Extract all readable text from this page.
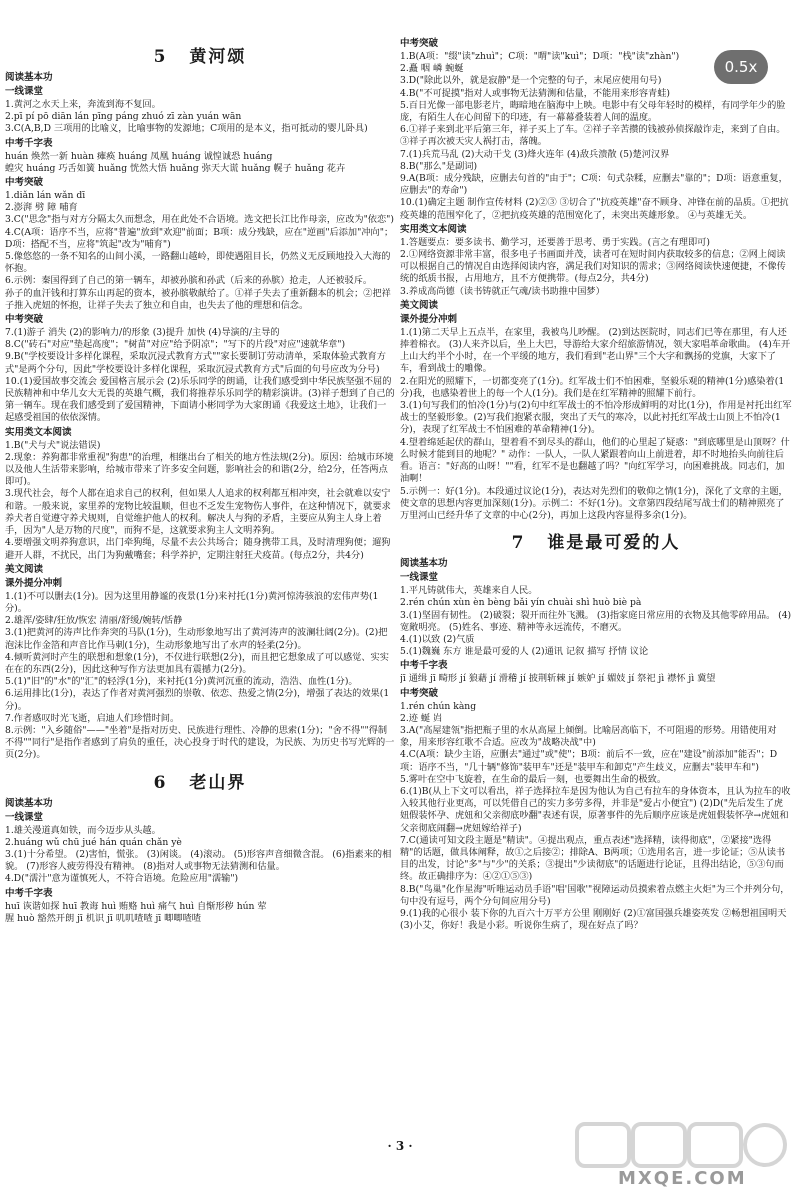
5 黄河颂
阅读基本功
一线课堂
1.黄河之水天上来，奔流到海不复回。
2.pī pí pō diān lán pīng páng zhuó zī zàn yuán wān
3.C(A,B,D 三项用的比喻义，比喻事物的发源地；C项用的是本义，指可抵动的婴儿卧具)
中考千字表
huán 焕然一新 huàn 瘫痪 huáng 凤凰 huáng 诚惶诚恐 huáng
蝗灾 huáng 巧舌如簧 huǎng 恍然大悟 huǎng 弥天大谎 huǎng 幌子 huǎng 花卉
中考突破
1.diǎn lán wǎn dī
2.澎湃 劈 障 哺育
3.C("思念"指与对方分隔太久而想念，用在此处不合语境。选文把长江比作母亲，应改为"依恋")
4.C(A项：语序不当，应将"普遍"放到"欢迎"前面；B项：成分残缺，应在"逆画"后添加"冲向"；D项：搭配不当，应将"筑起"改为"哺育")
5.像悠悠的一条不知名的山间小溪，一路翻山越岭，即使遇阻目长，仍然义无反顾地投入大海的怀抱。
6.示例：秦国得到了自己的第一辆车，却被孙膑和孙武（后来的孙膑）抢走，人还被驳斥。
孙子的血汗钱和打算东山再起的资本，被孙膑敬献给了。①祥子失去了重新翻本的机会；②把祥子推入虎妞的怀抱，让祥子失去了独立和自由，也失去了他的理想和信念。
中考突破
7.(1)游子 消失 (2)的影响力/的形象 (3)提升 加快 (4)导演的/主导的
8.C("砖石"对应"垫起高度"；"树苗"对应"给予阴凉"；"写下的片段"对应"速就华章")
9.B("学校要设计多样化课程，采取沉浸式教育方式""家长要制订劳动清单，采取体验式教育方式"是两个分句，因此"学校要设计多样化课程，采取沉浸式教育方式"后面的句号应改为分号)
10.(1)爱国故事交流会 爱国格言展示会 (2)乐乐同学的朗诵，让我们感受到中华民族坚强不屈的民族精神和中华儿女大无畏的英雄气概，我们将推荐乐乐同学的精彩演讲。(3)祥子想到了自己的第一辆车。现在我们感受到了爱国精神，下面请小彬同学为大家朗诵《我爱这土地》，让我们一起感受祖国的依依深情。
实用类文本阅读
1.B("犬与犬"说法错误)
2.现象：养狗都非常重视"狗患"的治理，相继出台了相关的地方性法规(2分)。原因：给城市环境以及他人生活带来影响，给城市带来了许多安全问题，影响社会的和谐(2分，给2分，任答两点即可)。
3.现代社会，每个人都在追求自己的权利，但如果人人追求的权利都互相冲突，社会就难以安宁和谐。一般来说，家里养的宠物比较温顺，但也不乏发生宠物伤人事件，在这种情况下，就要求养犬者自觉遵守养犬规则，自觉维护他人的权利。解决人与狗的矛盾，主要应从狗主人身上着手，因为"人是万物的尺度"，而狗不是，这就要求狗主人文明养狗。
4.要增强文明养狗意识，出门牵狗绳，尽量不去公共场合；随身携带工具，及时清理狗便；遛狗避开人群，不扰民，出门为狗戴嘴套；科学养护，定期注射狂犬疫苗。(每点2分，共4分)
美文阅读
课外提分冲刺
1.(1)不可以删去(1分)。因为这里用静谧的夜景(1分)来衬托(1分)黄河惊涛骇浪的宏伟声势(1分)。
2.雄浑/姿肆/狂放/恢宏 清丽/舒缓/婉转/恬静
3.(1)把黄河的涛声比作奔突的马队(1分)，生动形象地写出了黄河涛声的波澜壮阔(2分)。(2)把泡沫比作金箔和声音比作马刺(1分)，生动形象地写出了水声的轻柔(2分)。
4.倾听黄河时产生的联想和想象(1分)，不仅进行联想(2分)，而且把它想象成了可以感觉、实实在在的东西(2分)，因此这种写作方法更加具有震撼力(2分)。
5.(1)"旧"的"水"的"汇"的轻浮(1分)，来衬托(1分)黄河沉重的流动，浩浩、血性(1分)。
6.运用排比(1分)，表达了作者对黄河强烈的崇敬、依恋、热爱之情(2分)，增强了表达的效果(1分)。
7.作者感叹时光飞逝，启迪人们珍惜时间。
8.示例："入乡随俗"——"坐着"是指对历史、民族进行理性、冷静的思索(1分)；"舍不得""得制不得""同行"是指作者感到了肩负的重任，决心投身于时代的建设，为民族、为历史书写光辉的一页(2分)。
6 老山界
阅读基本功
一线课堂
1.雄关漫道真如铁，而今迈步从头越。
2.huáng wǔ chū jué hán quán chǎn yè
3.(1)十分希望。 (2)害怕，慌张。 (3)闲谈。 (4)滚动。 (5)形容声音细微含混。 (6)指素来的相貌。 (7)形容人疲劳得没有精神。 (8)指对人或事物无法猜测和估量。
4.D("濡汁"意为谨慎死人，不符合语境。危险应用"濡输")
中考千字表
huī 诙谐如探 huī 教诲 huì 贿赂 huì 痛气 huì 自惭形秽 hún 荤
腥 huò 豁然开朗 jī 机识 jī 叽叽喳喳 jī 唧唧喳喳
中考突破
1.B(A项："缀"读"zhuì"；C项："喟"读"kuì"；D项："栈"读"zhàn")
2.矗 咽 嶙 蜿蜒
3.D("除此以外，就是寂静"是一个完整的句子，末尾应使用句号)
4.B("不可捉摸"指对人或事物无法猜测和估量，不能用来形容青蛙)
5.百日光像一部电影老片，晦暗地在脑海中上映。电影中有父母年轻时的模样，有同学年少的脸庞，有陌生人在心间留下的印迹，有一幕幕叠装着人间的温度。
6.①祥子来到北平后第三年，祥子买上了车。②祥子辛苦攒的钱被孙侦探敲诈走，来到了自由。③祥子再次被天灾人祸打击，落魄。
7.(1)兵荒马乱 (2)大动干戈 (3)烽火连年 (4)敌兵溃散 (5)楚河汉界
8.B("那么"是副词)
9.A(B项：成分残缺，应删去句首的"由于"；C项：句式杂糅，应删去"靠的"；D项：语意重复，应删去"的寿命")
10.(1)确定主题 制作宣传材料 (2)②③ ③切合了"抗疫英雄"奋不顾身、冲锋在前的品质。①把抗疫英雄的范围窄化了，②把抗疫英雄的范围宽化了，未突出英雄形象。 ④与英雄无关。
实用类文本阅读
1.答题要点：要多读书、勤学习，还要善于思考、勇于实践。(言之有理即可)
2.①网络资源非常丰富，很多电子书画面并茂，读者可在短时间内获取较多的信息；②网上阅读可以根据自己的情况自由选择阅读内容，满足我们对知识的需求；③网络阅读快速便捷，不像传统的纸质书报，占用地方，且不方便携带。(每点2分，共4分)
3.养成高尚德（读书铸就正气魂/读书助推中国梦）
美文阅读
课外提分冲刺
1.(1)第二天早上五点半，在家里，我被鸟儿吵醒。 (2)到达医院时，同志们已等在那里，有人还捧着棉衣。 (3)人来齐以后，坐上大巴，导游给大家介绍旅游情况，领大家唱革命歌曲。 (4)车开上山大约半个小时，在一个平缓的地方，我们看到"老山界"三个大字和飘扬的党旗，大家下了车，看到战士的雕像。
2.在阳光的照耀下，一切都变亮了(1分)。红军战士们不怕困难，坚毅乐观的精神(1分)感染着(1分)我，也感染着世上的每一个人(1分)。我们是在红军精神的照耀下前行。
3.(1)句写我们的怕冷(1分)与(2)句中红军战士的不怕冷形成鲜明的对比(1分)，作用是衬托出红军战士的坚毅形象。(2)写我们抱紧衣服，突出了天气的寒冷，以此衬托红军战士山顶上不怕冷(1分)，表现了红军战士不怕困难的革命精神(1分)。
4.望着绵延起伏的群山，望着看不到尽头的群山，他们的心里起了疑惑："到底哪里是山顶呀？什么时候才能到目的地呢？" 动作：一队人，一队人紧跟着向山上前进着，却不时地抬头向前往后看。语言："好高的山呀！""看，红军不是也翻越了吗？"向红军学习，向困难挑战。同志们，加油啊！
5.示例一：好(1分)。本段通过议论(1分)，表达对先烈们的敬仰之情(1分)，深化了文章的主题，使文章的思想内容更加深刻(1分)。示例二：不好(1分)。文章第四段结尾写战士们的精神照亮了万里河山已经升华了文章的中心(2分)，再加上这段内容显得多余(1分)。
7 谁是最可爱的人
阅读基本功
一线课堂
1.平凡铸就伟大，英雄来自人民。
2.rén chún xùn èn bèng bǎi yín chuài shì huò biè pà
3.(1)坚固有韧性。 (2)破裂；裂开而往外飞溅。 (3)指家庭日常应用的衣物及其他零碎用品。 (4)宽敞明亮。 (5)姓名、事迹、精神等永远流传，不磨灭。
4.(1)以致 (2)气质
5.(1)魏巍 东方 谁是最可爱的人 (2)通讯 记叙 描写 抒情 议论
中考千字表
jī 通缉 jī 畸形 jí 狼藉 jí 滑稽 jí 披荆斩棘 jí 嫉妒 jí 媚妓 jí 祭祀 jì 襟怀 jì 冀望
中考突破
1.rén chún kàng
2.迹 蜒 岿
3.A("高屋建瓴"指把瓶子里的水从高屋上倾倒。比喻居高临下，不可阻遏的形势。用错使用对象，用来形容红歌不合适。应改为"战略决战"中)
4.C(A项：缺少主语，应删去"通过"或"使"；B项：前后不一致，应在"建设"前添加"能否"；D项：语序不当，"几十辆"修饰"装甲车"还是"装甲车和卸克"产生歧义，应删去"装甲车和")
5.雾叶在空中飞旋着，在生命的最后一刻，也要舞出生命的极致。
6.(1)B(从上下文可以看出，祥子选择拉车是因为他认为自己有拉车的身体资本，且认为拉车的收入较其他行业更高，可以凭借自己的实力多劳多得，并非是"爱占小便宜") (2)D("先后发生了虎妞假装怀孕、虎妞和父亲彻底吵翻"表述有误，原著事件的先后顺序应该是虎妞假装怀孕→虎妞和父亲彻底闹翻→虎妞嫁给祥子)
7.C(通读可知文段主题是"精读"。④提出观点，重点表述"选择精，读得彻底"，②紧接"选得精"的话题，做具体阐释，故①之后接②；排除A、B两项；①选用名言，进一步论证；⑤从读书目的出发，讨论"多"与"少"的关系；③提出"少读彻底"的话题进行论证，且得出结论，⑤③句而终。故正确排序为：④②①⑤③)
8.B("鸟巢"化作星海"听唯运动员手语"唱'国歌'"视障运动员摸索着点燃主火炬"为三个并列分句，句中没有逗号，两个分句间应用分号)
9.(1)我的心很小 装下你的九百六十万平方公里 刚刚好 (2)①富国强兵雄姿英发 ②畅想祖国明天 (3)小艾，你好！我是小彩。听说你生病了，现在好点了吗？
0.5x
MXQE.COM
· 3 ·
